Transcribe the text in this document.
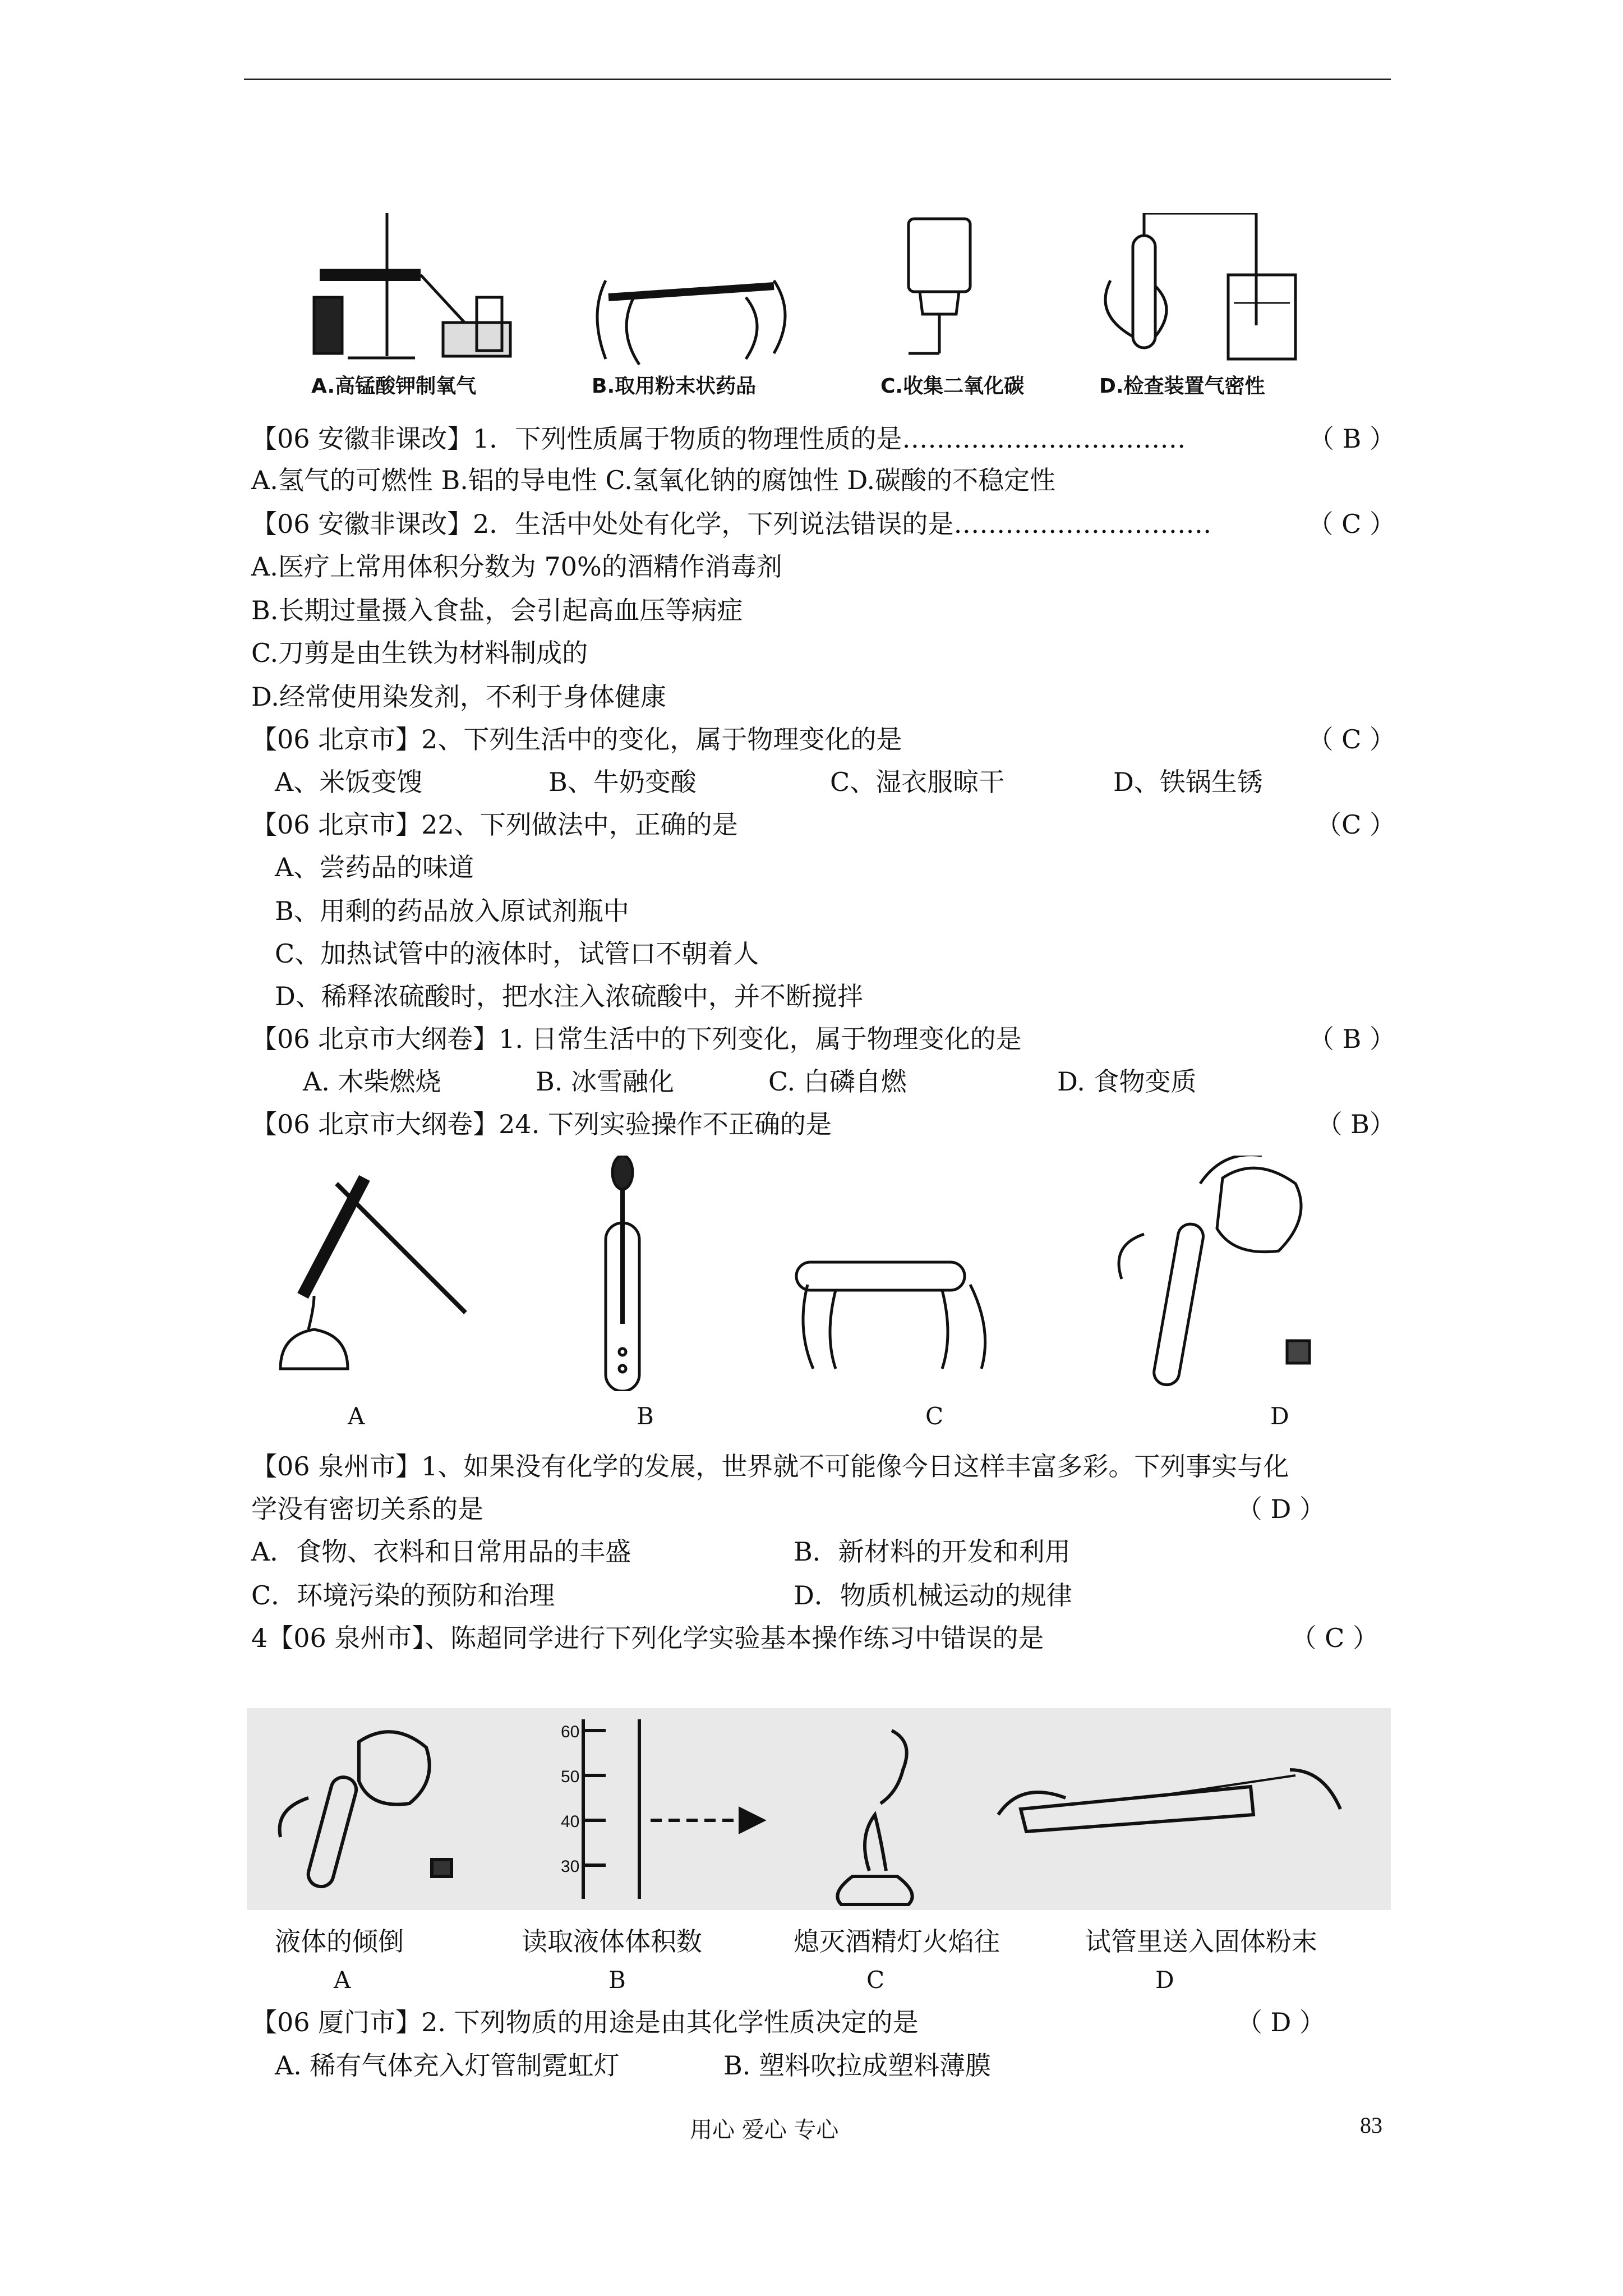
A.高锰酸钾制氧气	B.取用粉末状药品	C.收集二氧化碳	D.检查装置气密性
【06 安徽非课改】1．下列性质属于物质的物理性质的是……………………………	（ B ）
A.氢气的可燃性 B.铝的导电性 C.氢氧化钠的腐蚀性 D.碳酸的不稳定性
【06 安徽非课改】2．生活中处处有化学，下列说法错误的是…………………………	（ C ）
A.医疗上常用体积分数为 70%的酒精作消毒剂
B.长期过量摄入食盐，会引起高血压等病症
C.刀剪是由生铁为材料制成的
D.经常使用染发剂，不利于身体健康
【06 北京市】2、下列生活中的变化，属于物理变化的是	（ C ）
A、米饭变馊	B、牛奶变酸	C、湿衣服晾干	D、铁锅生锈
【06 北京市】22、下列做法中，正确的是	（C ）
A、尝药品的味道
B、用剩的药品放入原试剂瓶中
C、加热试管中的液体时，试管口不朝着人
D、稀释浓硫酸时，把水注入浓硫酸中，并不断搅拌
【06 北京市大纲卷】1. 日常生活中的下列变化，属于物理变化的是	（ B ）
A. 木柴燃烧	B. 冰雪融化	C. 白磷自燃	D. 食物变质
【06 北京市大纲卷】24. 下列实验操作不正确的是	（ B）
A	B	C	D
【06 泉州市】1、如果没有化学的发展，世界就不可能像今日这样丰富多彩。下列事实与化
学没有密切关系的是	（ D ）
A．食物、衣料和日常用品的丰盛	B．新材料的开发和利用
C．环境污染的预防和治理	D．物质机械运动的规律
4【06 泉州市】、陈超同学进行下列化学实验基本操作练习中错误的是	（ C ）
60
50
40
30
液体的倾倒	读取液体体积数	熄灭酒精灯火焰往	试管里送入固体粉末
A	B	C	D
【06 厦门市】2. 下列物质的用途是由其化学性质决定的是	（ D ）
A. 稀有气体充入灯管制霓虹灯	B. 塑料吹拉成塑料薄膜
用心 爱心 专心	83
